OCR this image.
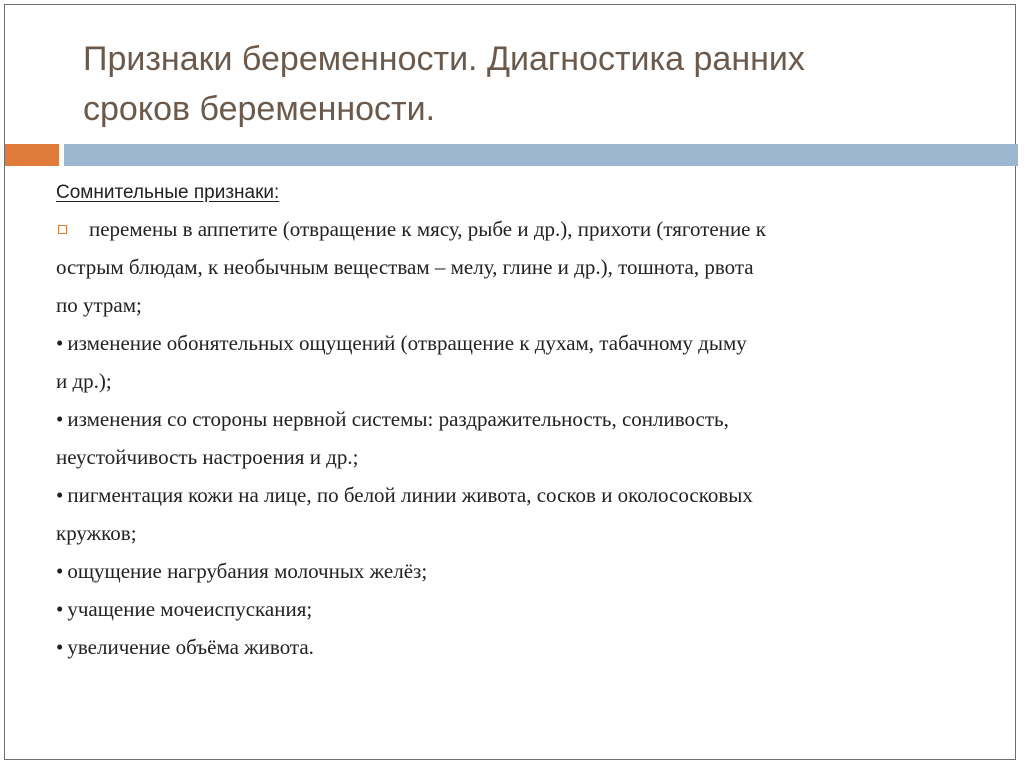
Признаки беременности. Диагностика ранних
сроков беременности.
Сомнительные признаки:
перемены в аппетите (отвращение к мясу, рыбе и др.), прихоти (тяготение к
острым блюдам, к необычным веществам – мелу, глине и др.), тошнота, рвота
по утрам;
• изменение обонятельных ощущений (отвращение к духам, табачному дыму
и др.);
• изменения со стороны нервной системы: раздражительность, сонливость,
неустойчивость настроения и др.;
• пигментация кожи на лице, по белой линии живота, сосков и околососковых
кружков;
• ощущение нагрубания молочных желёз;
• учащение мочеиспускания;
• увеличение объёма живота.
